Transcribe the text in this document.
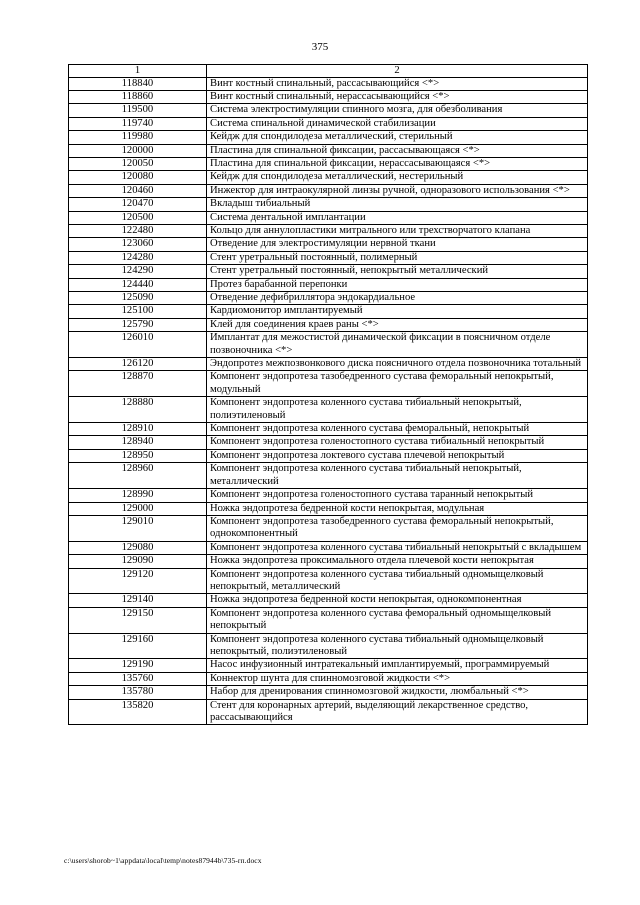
375
1	2
118840	Винт костный спинальный, рассасывающийся <*>
118860	Винт костный спинальный, нерассасывающийся <*>
119500	Система электростимуляции спинного мозга, для обезболивания
119740	Система спинальной динамической стабилизации
119980	Кейдж для спондилодеза металлический, стерильный
120000	Пластина для спинальной фиксации, рассасывающаяся <*>
120050	Пластина для спинальной фиксации, нерассасывающаяся <*>
120080	Кейдж для спондилодеза металлический, нестерильный
120460	Инжектор для интраокулярной линзы ручной, одноразового использования <*>
120470	Вкладыш тибиальный
120500	Система дентальной имплантации
122480	Кольцо для аннулопластики митрального или трехстворчатого клапана
123060	Отведение для электростимуляции нервной ткани
124280	Стент уретральный постоянный, полимерный
124290	Стент уретральный постоянный, непокрытый металлический
124440	Протез барабанной перепонки
125090	Отведение дефибриллятора эндокардиальное
125100	Кардиомонитор имплантируемый
125790	Клей для соединения краев раны <*>
126010	Имплантат для межостистой динамической фиксации в поясничном отделе позвоночника <*>
126120	Эндопротез межпозвонкового диска поясничного отдела позвоночника тотальный
128870	Компонент эндопротеза тазобедренного сустава феморальный непокрытый, модульный
128880	Компонент эндопротеза коленного сустава тибиальный непокрытый, полиэтиленовый
128910	Компонент эндопротеза коленного сустава феморальный, непокрытый
128940	Компонент эндопротеза голеностопного сустава тибиальный непокрытый
128950	Компонент эндопротеза локтевого сустава плечевой непокрытый
128960	Компонент эндопротеза коленного сустава тибиальный непокрытый, металлический
128990	Компонент эндопротеза голеностопного сустава таранный непокрытый
129000	Ножка эндопротеза бедренной кости непокрытая, модульная
129010	Компонент эндопротеза тазобедренного сустава феморальный непокрытый, однокомпонентный
129080	Компонент эндопротеза коленного сустава тибиальный непокрытый с вкладышем
129090	Ножка эндопротеза проксимального отдела плечевой кости непокрытая
129120	Компонент эндопротеза коленного сустава тибиальный одномыщелковый непокрытый, металлический
129140	Ножка эндопротеза бедренной кости непокрытая, однокомпонентная
129150	Компонент эндопротеза коленного сустава феморальный одномыщелковый непокрытый
129160	Компонент эндопротеза коленного сустава тибиальный одномыщелковый непокрытый, полиэтиленовый
129190	Насос инфузионный интратекальный имплантируемый, программируемый
135760	Коннектор шунта для спинномозговой жидкости <*>
135780	Набор для дренирования спинномозговой жидкости, люмбальный <*>
135820	Стент для коронарных артерий, выделяющий лекарственное средство, рассасывающийся
c:\users\shorob~1\appdata\local\temp\notes87944b\735-rп.docx
